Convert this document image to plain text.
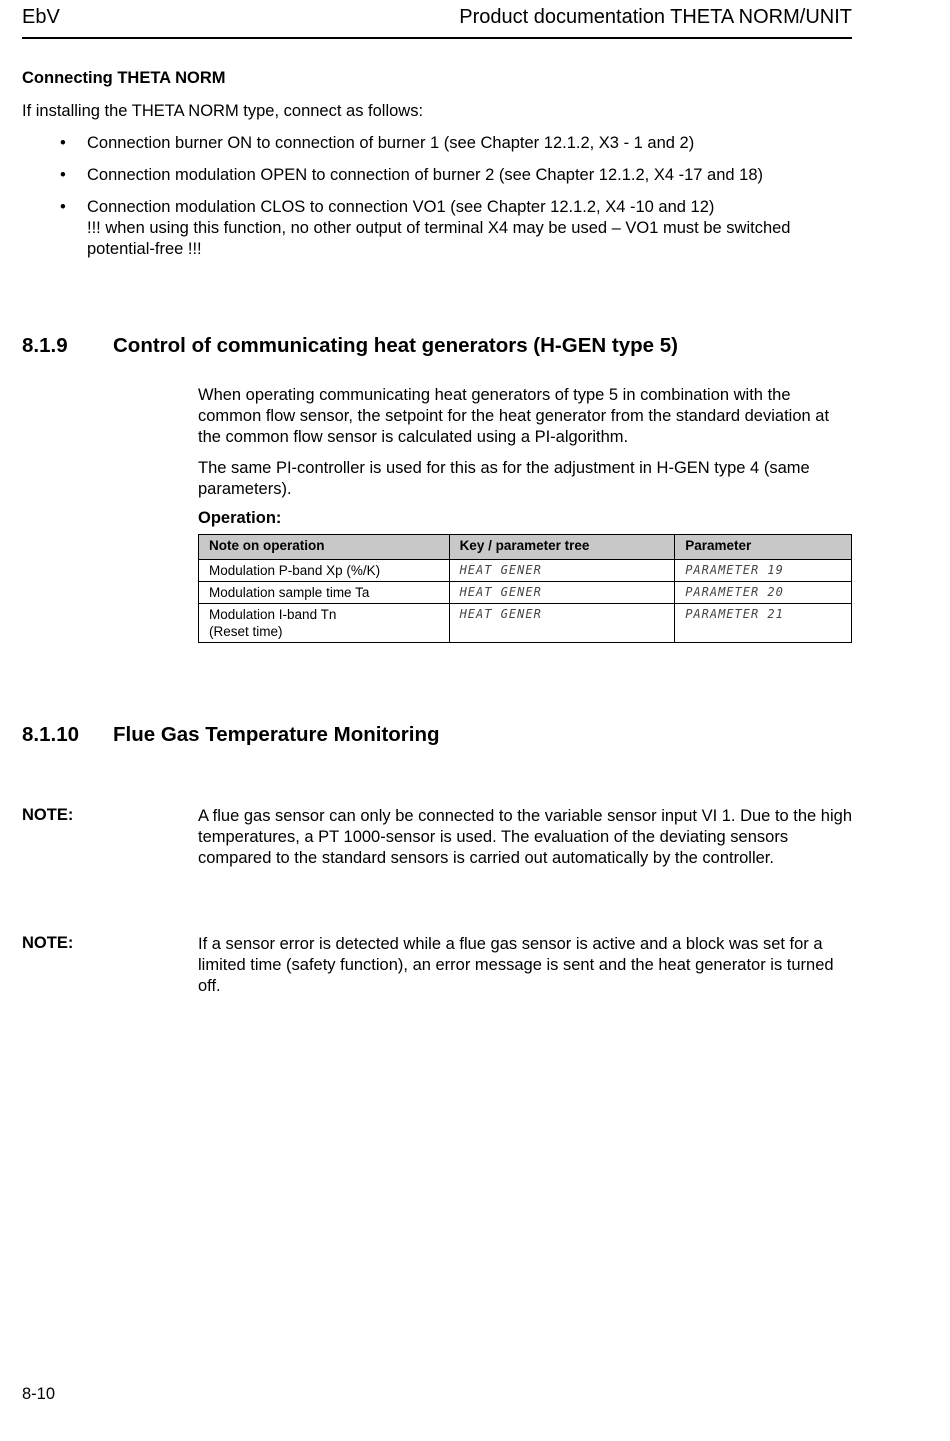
EbV	Product documentation THETA NORM/UNIT
Connecting THETA NORM
If installing the THETA NORM type, connect as follows:
• Connection burner ON to connection of burner 1 (see Chapter 12.1.2, X3 - 1 and 2)
• Connection modulation OPEN to connection of burner 2 (see Chapter 12.1.2, X4 -17 and 18)
• Connection modulation CLOS to connection VO1 (see Chapter 12.1.2, X4 -10 and 12)
!!! when using this function, no other output of terminal X4 may be used – VO1 must be switched
potential-free !!!
8.1.9 Control of communicating heat generators (H-GEN type 5)

When operating communicating heat generators of type 5 in combination with the common flow sensor, the setpoint for the heat generator from the standard deviation at the common flow sensor is calculated using a PI-algorithm.

The same PI-controller is used for this as for the adjustment in H-GEN type 4 (same parameters).

Operation:

Note on operation	Key / parameter tree	Parameter
Modulation P-band Xp (%/K)	HEAT GENER	PARAMETER 19
Modulation sample time Ta	HEAT GENER	PARAMETER 20
Modulation I-band Tn
(Reset time)	HEAT GENER	PARAMETER 21
8.1.10 Flue Gas Temperature Monitoring
NOTE:	A flue gas sensor can only be connected to the variable sensor input VI 1. Due to the high temperatures, a PT 1000-sensor is used. The evaluation of the deviating sensors compared to the standard sensors is carried out automatically by the controller.
NOTE:	If a sensor error is detected while a flue gas sensor is active and a block was set for a limited time (safety function), an error message is sent and the heat generator is turned off.
8-10
